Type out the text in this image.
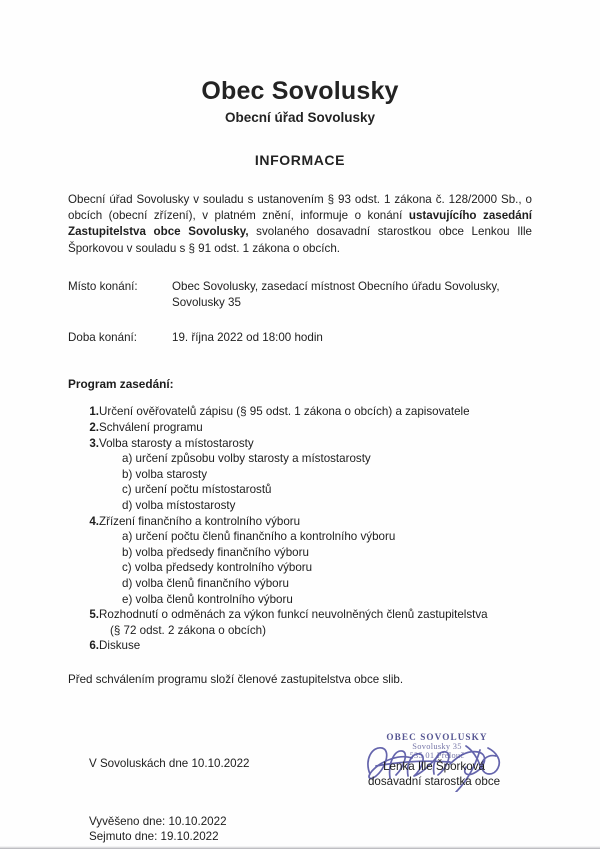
Obec Sovolusky
Obecní úřad Sovolusky
INFORMACE

Obecní úřad Sovolusky v souladu s ustanovením § 93 odst. 1 zákona č. 128/2000 Sb., o obcích (obecní zřízení), v platném znění, informuje o konání ustavujícího zasedání Zastupitelstva obce Sovolusky, svolaného dosavadní starostkou obce Lenkou Ille Šporkovou v souladu s § 91 odst. 1 zákona o obcích.

Místo konání:	Obec Sovolusky, zasedací místnost Obecního úřadu Sovolusky, Sovolusky 35
Doba konání:	19. října 2022 od 18:00 hodin
Program zasedání:
1. Určení ověřovatelů zápisu (§ 95 odst. 1 zákona o obcích) a zapisovatele
2. Schválení programu
3. Volba starosty a místostarosty
a) určení způsobu volby starosty a místostarosty
b) volba starosty
c) určení počtu místostarostů
d) volba místostarosty
4. Zřízení finančního a kontrolního výboru
a) určení počtu členů finančního a kontrolního výboru
b) volba předsedy finančního výboru
c) volba předsedy kontrolního výboru
d) volba členů finančního výboru
e) volba členů kontrolního výboru
5. Rozhodnutí o odměnách za výkon funkcí neuvolněných členů zastupitelstva
(§ 72 odst. 2 zákona o obcích)
6. Diskuse

Před schválením programu složí členové zastupitelstva obce slib.

V Sovoluskách dne 10.10.2022
OBEC SOVOLUSKY
Sovolusky 35
535 01 Přelouč
Lenka Ille Šporková
dosavadní starostka obce
Vyvěšeno dne: 10.10.2022
Sejmuto dne: 19.10.2022
